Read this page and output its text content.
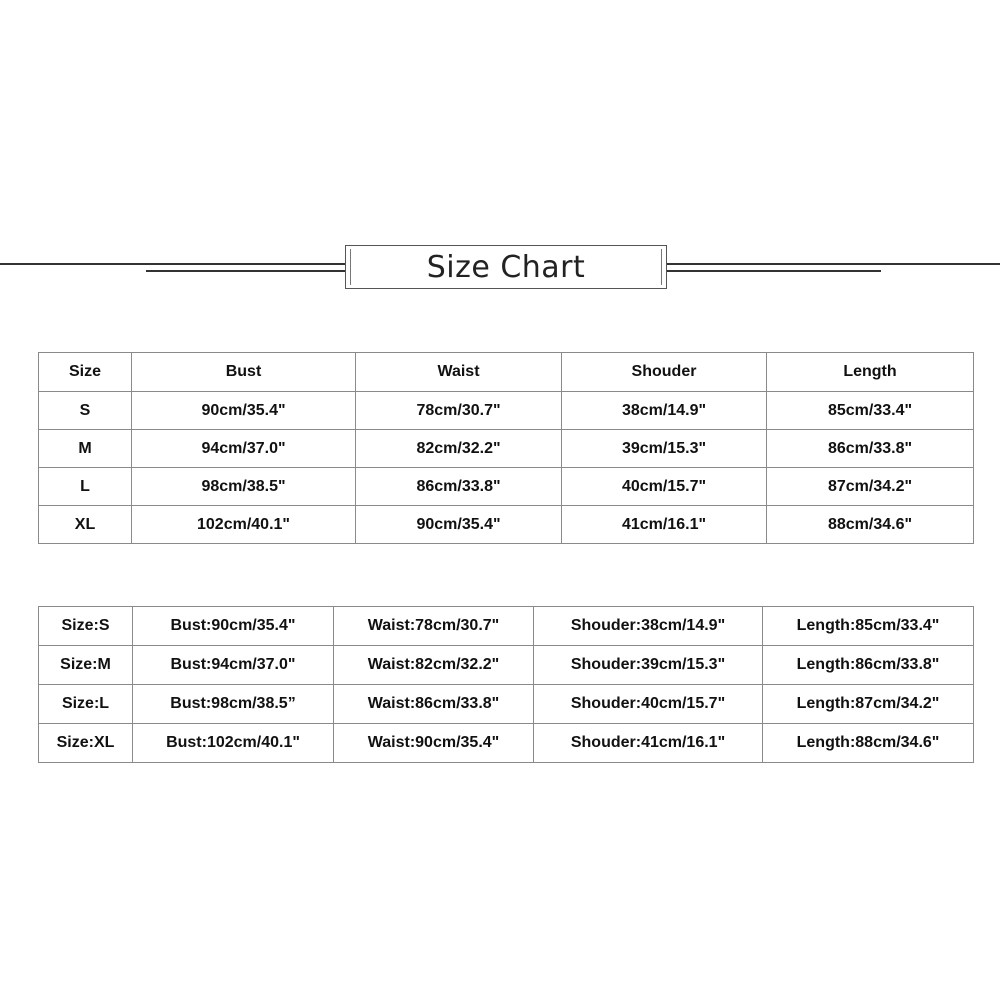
Size Chart
Size	Bust	Waist	Shouder	Length
S	90cm/35.4"	78cm/30.7"	38cm/14.9"	85cm/33.4"
M	94cm/37.0"	82cm/32.2"	39cm/15.3"	86cm/33.8"
L	98cm/38.5"	86cm/33.8"	40cm/15.7"	87cm/34.2"
XL	102cm/40.1"	90cm/35.4"	41cm/16.1"	88cm/34.6"
Size:S	Bust:90cm/35.4"	Waist:78cm/30.7"	Shouder:38cm/14.9"	Length:85cm/33.4"
Size:M	Bust:94cm/37.0"	Waist:82cm/32.2"	Shouder:39cm/15.3"	Length:86cm/33.8"
Size:L	Bust:98cm/38.5”	Waist:86cm/33.8"	Shouder:40cm/15.7"	Length:87cm/34.2"
Size:XL	Bust:102cm/40.1"	Waist:90cm/35.4"	Shouder:41cm/16.1"	Length:88cm/34.6"
